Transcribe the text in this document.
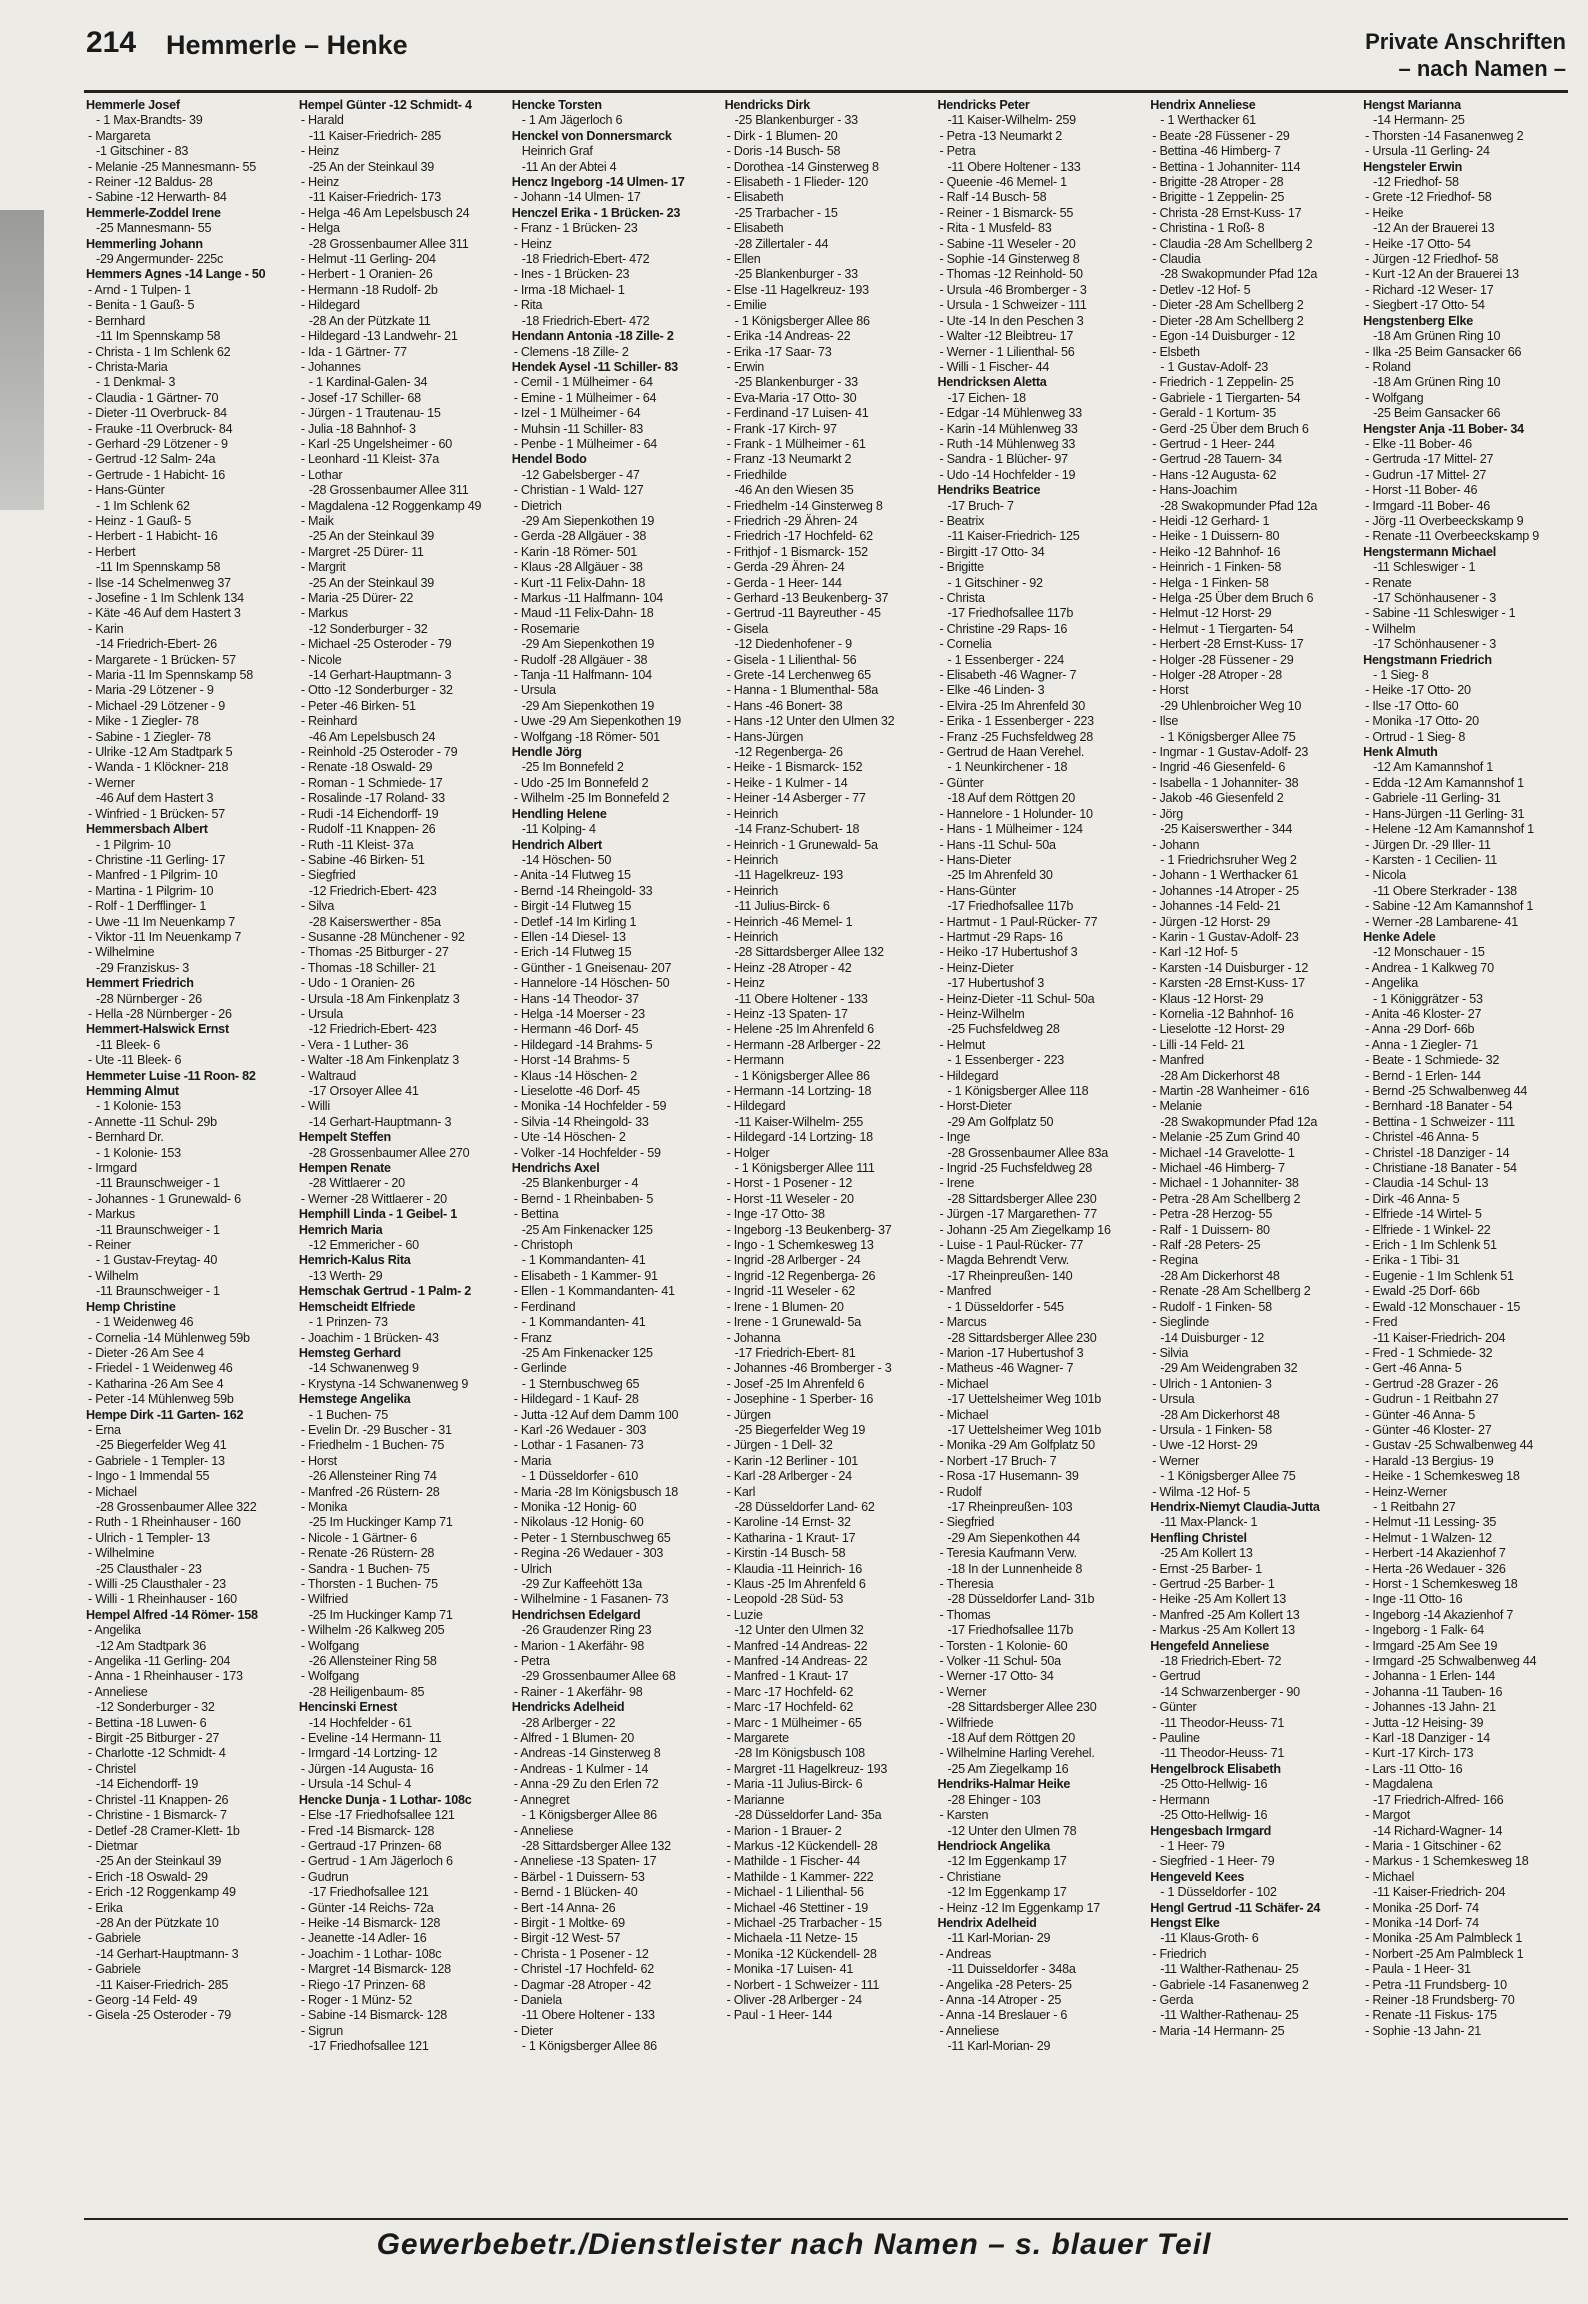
214 Hemmerle – Henke	Private Anschriften
– nach Namen –
Hemmerle Josef
- 1 Max-Brandts- 39
- Margareta
-1 Gitschiner - 83
- Melanie -25 Mannesmann- 55
- Reiner -12 Baldus- 28
- Sabine -12 Herwarth- 84
Hemmerle-Zoddel Irene
-25 Mannesmann- 55
Hemmerling Johann
-29 Angermunder- 225c
Hemmers Agnes -14 Lange - 50
- Arnd - 1 Tulpen- 1
- Benita - 1 Gauß- 5
- Bernhard
-11 Im Spennskamp 58
- Christa - 1 Im Schlenk 62
- Christa-Maria
- 1 Denkmal- 3
- Claudia - 1 Gärtner- 70
- Dieter -11 Overbruck- 84
- Frauke -11 Overbruck- 84
- Gerhard -29 Lötzener - 9
- Gertrud -12 Salm- 24a
- Gertrude - 1 Habicht- 16
- Hans-Günter
- 1 Im Schlenk 62
- Heinz - 1 Gauß- 5
- Herbert - 1 Habicht- 16
- Herbert
-11 Im Spennskamp 58
- Ilse -14 Schelmenweg 37
- Josefine - 1 Im Schlenk 134
- Käte -46 Auf dem Hastert 3
- Karin
-14 Friedrich-Ebert- 26
- Margarete - 1 Brücken- 57
- Maria -11 Im Spennskamp 58
- Maria -29 Lötzener - 9
- Michael -29 Lötzener - 9
- Mike - 1 Ziegler- 78
- Sabine - 1 Ziegler- 78
- Ulrike -12 Am Stadtpark 5
- Wanda - 1 Klöckner- 218
- Werner
-46 Auf dem Hastert 3
- Winfried - 1 Brücken- 57
Hemmersbach Albert
- 1 Pilgrim- 10
- Christine -11 Gerling- 17
- Manfred - 1 Pilgrim- 10
- Martina - 1 Pilgrim- 10
- Rolf - 1 Derfflinger- 1
- Uwe -11 Im Neuenkamp 7
- Viktor -11 Im Neuenkamp 7
- Wilhelmine
-29 Franziskus- 3
Hemmert Friedrich
-28 Nürnberger - 26
- Hella -28 Nürnberger - 26
Hemmert-Halswick Ernst
-11 Bleek- 6
- Ute -11 Bleek- 6
Hemmeter Luise -11 Roon- 82
Hemming Almut
- 1 Kolonie- 153
- Annette -11 Schul- 29b
- Bernhard Dr.
- 1 Kolonie- 153
- Irmgard
-11 Braunschweiger - 1
- Johannes - 1 Grunewald- 6
- Markus
-11 Braunschweiger - 1
- Reiner
- 1 Gustav-Freytag- 40
- Wilhelm
-11 Braunschweiger - 1
Hemp Christine
- 1 Weidenweg 46
- Cornelia -14 Mühlenweg 59b
- Dieter -26 Am See 4
- Friedel - 1 Weidenweg 46
- Katharina -26 Am See 4
- Peter -14 Mühlenweg 59b
Hempe Dirk -11 Garten- 162
- Erna
-25 Biegerfelder Weg 41
- Gabriele - 1 Templer- 13
- Ingo - 1 Immendal 55
- Michael
-28 Grossenbaumer Allee 322
- Ruth - 1 Rheinhauser - 160
- Ulrich - 1 Templer- 13
- Wilhelmine
-25 Clausthaler - 23
- Willi -25 Clausthaler - 23
- Willi - 1 Rheinhauser - 160
Hempel Alfred -14 Römer- 158
- Angelika
-12 Am Stadtpark 36
- Angelika -11 Gerling- 204
- Anna - 1 Rheinhauser - 173
- Anneliese
-12 Sonderburger - 32
- Bettina -18 Luwen- 6
- Birgit -25 Bitburger - 27
- Charlotte -12 Schmidt- 4
- Christel
-14 Eichendorff- 19
- Christel -11 Knappen- 26
- Christine - 1 Bismarck- 7
- Detlef -28 Cramer-Klett- 1b
- Dietmar
-25 An der Steinkaul 39
- Erich -18 Oswald- 29
- Erich -12 Roggenkamp 49
- Erika
-28 An der Pützkate 10
- Gabriele
-14 Gerhart-Hauptmann- 3
- Gabriele
-11 Kaiser-Friedrich- 285
- Georg -14 Feld- 49
- Gisela -25 Osteroder - 79
Hempel Günter -12 Schmidt- 4
- Harald
-11 Kaiser-Friedrich- 285
- Heinz
-25 An der Steinkaul 39
- Heinz
-11 Kaiser-Friedrich- 173
- Helga -46 Am Lepelsbusch 24
- Helga
-28 Grossenbaumer Allee 311
- Helmut -11 Gerling- 204
- Herbert - 1 Oranien- 26
- Hermann -18 Rudolf- 2b
- Hildegard
-28 An der Pützkate 11
- Hildegard -13 Landwehr- 21
- Ida - 1 Gärtner- 77
- Johannes
- 1 Kardinal-Galen- 34
- Josef -17 Schiller- 68
- Jürgen - 1 Trautenau- 15
- Julia -18 Bahnhof- 3
- Karl -25 Ungelsheimer - 60
- Leonhard -11 Kleist- 37a
- Lothar
-28 Grossenbaumer Allee 311
- Magdalena -12 Roggenkamp 49
- Maik
-25 An der Steinkaul 39
- Margret -25 Dürer- 11
- Margrit
-25 An der Steinkaul 39
- Maria -25 Dürer- 22
- Markus
-12 Sonderburger - 32
- Michael -25 Osteroder - 79
- Nicole
-14 Gerhart-Hauptmann- 3
- Otto -12 Sonderburger - 32
- Peter -46 Birken- 51
- Reinhard
-46 Am Lepelsbusch 24
- Reinhold -25 Osteroder - 79
- Renate -18 Oswald- 29
- Roman - 1 Schmiede- 17
- Rosalinde -17 Roland- 33
- Rudi -14 Eichendorff- 19
- Rudolf -11 Knappen- 26
- Ruth -11 Kleist- 37a
- Sabine -46 Birken- 51
- Siegfried
-12 Friedrich-Ebert- 423
- Silva
-28 Kaiserswerther - 85a
- Susanne -28 Münchener - 92
- Thomas -25 Bitburger - 27
- Thomas -18 Schiller- 21
- Udo - 1 Oranien- 26
- Ursula -18 Am Finkenplatz 3
- Ursula
-12 Friedrich-Ebert- 423
- Vera - 1 Luther- 36
- Walter -18 Am Finkenplatz 3
- Waltraud
-17 Orsoyer Allee 41
- Willi
-14 Gerhart-Hauptmann- 3
Hempelt Steffen
-28 Grossenbaumer Allee 270
Hempen Renate
-28 Wittlaerer - 20
- Werner -28 Wittlaerer - 20
Hemphill Linda - 1 Geibel- 1
Hemrich Maria
-12 Emmericher - 60
Hemrich-Kalus Rita
-13 Werth- 29
Hemschak Gertrud - 1 Palm- 2
Hemscheidt Elfriede
- 1 Prinzen- 73
- Joachim - 1 Brücken- 43
Hemsteg Gerhard
-14 Schwanenweg 9
- Krystyna -14 Schwanenweg 9
Hemstege Angelika
- 1 Buchen- 75
- Evelin Dr. -29 Buscher - 31
- Friedhelm - 1 Buchen- 75
- Horst
-26 Allensteiner Ring 74
- Manfred -26 Rüstern- 28
- Monika
-25 Im Huckinger Kamp 71
- Nicole - 1 Gärtner- 6
- Renate -26 Rüstern- 28
- Sandra - 1 Buchen- 75
- Thorsten - 1 Buchen- 75
- Wilfried
-25 Im Huckinger Kamp 71
- Wilhelm -26 Kalkweg 205
- Wolfgang
-26 Allensteiner Ring 58
- Wolfgang
-28 Heiligenbaum- 85
Hencinski Ernest
-14 Hochfelder - 61
- Eveline -14 Hermann- 11
- Irmgard -14 Lortzing- 12
- Jürgen -14 Augusta- 16
- Ursula -14 Schul- 4
Hencke Dunja - 1 Lothar- 108c
- Else -17 Friedhofsallee 121
- Fred -14 Bismarck- 128
- Gertraud -17 Prinzen- 68
- Gertrud - 1 Am Jägerloch 6
- Gudrun
-17 Friedhofsallee 121
- Günter -14 Reichs- 72a
- Heike -14 Bismarck- 128
- Jeanette -14 Adler- 16
- Joachim - 1 Lothar- 108c
- Margret -14 Bismarck- 128
- Riego -17 Prinzen- 68
- Roger - 1 Münz- 52
- Sabine -14 Bismarck- 128
- Sigrun
-17 Friedhofsallee 121
Hencke Torsten
- 1 Am Jägerloch 6
Henckel von Donnersmarck
Heinrich Graf
-11 An der Abtei 4
Hencz Ingeborg -14 Ulmen- 17
- Johann -14 Ulmen- 17
Henczel Erika - 1 Brücken- 23
- Franz - 1 Brücken- 23
- Heinz
-18 Friedrich-Ebert- 472
- Ines - 1 Brücken- 23
- Irma -18 Michael- 1
- Rita
-18 Friedrich-Ebert- 472
Hendann Antonia -18 Zille- 2
- Clemens -18 Zille- 2
Hendek Aysel -11 Schiller- 83
- Cemil - 1 Mülheimer - 64
- Emine - 1 Mülheimer - 64
- Izel - 1 Mülheimer - 64
- Muhsin -11 Schiller- 83
- Penbe - 1 Mülheimer - 64
Hendel Bodo
-12 Gabelsberger - 47
- Christian - 1 Wald- 127
- Dietrich
-29 Am Siepenkothen 19
- Gerda -28 Allgäuer - 38
- Karin -18 Römer- 501
- Klaus -28 Allgäuer - 38
- Kurt -11 Felix-Dahn- 18
- Markus -11 Halfmann- 104
- Maud -11 Felix-Dahn- 18
- Rosemarie
-29 Am Siepenkothen 19
- Rudolf -28 Allgäuer - 38
- Tanja -11 Halfmann- 104
- Ursula
-29 Am Siepenkothen 19
- Uwe -29 Am Siepenkothen 19
- Wolfgang -18 Römer- 501
Hendle Jörg
-25 Im Bonnefeld 2
- Udo -25 Im Bonnefeld 2
- Wilhelm -25 Im Bonnefeld 2
Hendling Helene
-11 Kolping- 4
Hendrich Albert
-14 Höschen- 50
- Anita -14 Flutweg 15
- Bernd -14 Rheingold- 33
- Birgit -14 Flutweg 15
- Detlef -14 Im Kirling 1
- Ellen -14 Diesel- 13
- Erich -14 Flutweg 15
- Günther - 1 Gneisenau- 207
- Hannelore -14 Höschen- 50
- Hans -14 Theodor- 37
- Helga -14 Moerser - 23
- Hermann -46 Dorf- 45
- Hildegard -14 Brahms- 5
- Horst -14 Brahms- 5
- Klaus -14 Höschen- 2
- Lieselotte -46 Dorf- 45
- Monika -14 Hochfelder - 59
- Silvia -14 Rheingold- 33
- Ute -14 Höschen- 2
- Volker -14 Hochfelder - 59
Hendrichs Axel
-25 Blankenburger - 4
- Bernd - 1 Rheinbaben- 5
- Bettina
-25 Am Finkenacker 125
- Christoph
- 1 Kommandanten- 41
- Elisabeth - 1 Kammer- 91
- Ellen - 1 Kommandanten- 41
- Ferdinand
- 1 Kommandanten- 41
- Franz
-25 Am Finkenacker 125
- Gerlinde
- 1 Sternbuschweg 65
- Hildegard - 1 Kauf- 28
- Jutta -12 Auf dem Damm 100
- Karl -26 Wedauer - 303
- Lothar - 1 Fasanen- 73
- Maria
- 1 Düsseldorfer - 610
- Maria -28 Im Königsbusch 18
- Monika -12 Honig- 60
- Nikolaus -12 Honig- 60
- Peter - 1 Sternbuschweg 65
- Regina -26 Wedauer - 303
- Ulrich
-29 Zur Kaffeehött 13a
- Wilhelmine - 1 Fasanen- 73
Hendrichsen Edelgard
-26 Graudenzer Ring 23
- Marion - 1 Akerfähr- 98
- Petra
-29 Grossenbaumer Allee 68
- Rainer - 1 Akerfähr- 98
Hendricks Adelheid
-28 Arlberger - 22
- Alfred - 1 Blumen- 20
- Andreas -14 Ginsterweg 8
- Andreas - 1 Kulmer - 14
- Anna -29 Zu den Erlen 72
- Annegret
- 1 Königsberger Allee 86
- Anneliese
-28 Sittardsberger Allee 132
- Anneliese -13 Spaten- 17
- Bärbel - 1 Duissern- 53
- Bernd - 1 Blücken- 40
- Bert -14 Anna- 26
- Birgit - 1 Moltke- 69
- Birgit -12 West- 57
- Christa - 1 Posener - 12
- Christel -17 Hochfeld- 62
- Dagmar -28 Atroper - 42
- Daniela
-11 Obere Holtener - 133
- Dieter
- 1 Königsberger Allee 86
Hendricks Dirk
-25 Blankenburger - 33
- Dirk - 1 Blumen- 20
- Doris -14 Busch- 58
- Dorothea -14 Ginsterweg 8
- Elisabeth - 1 Flieder- 120
- Elisabeth
-25 Trarbacher - 15
- Elisabeth
-28 Zillertaler - 44
- Ellen
-25 Blankenburger - 33
- Else -11 Hagelkreuz- 193
- Emilie
- 1 Königsberger Allee 86
- Erika -14 Andreas- 22
- Erika -17 Saar- 73
- Erwin
-25 Blankenburger - 33
- Eva-Maria -17 Otto- 30
- Ferdinand -17 Luisen- 41
- Frank -17 Kirch- 97
- Frank - 1 Mülheimer - 61
- Franz -13 Neumarkt 2
- Friedhilde
-46 An den Wiesen 35
- Friedhelm -14 Ginsterweg 8
- Friedrich -29 Ähren- 24
- Friedrich -17 Hochfeld- 62
- Frithjof - 1 Bismarck- 152
- Gerda -29 Ähren- 24
- Gerda - 1 Heer- 144
- Gerhard -13 Beukenberg- 37
- Gertrud -11 Bayreuther - 45
- Gisela
-12 Diedenhofener - 9
- Gisela - 1 Lilienthal- 56
- Grete -14 Lerchenweg 65
- Hanna - 1 Blumenthal- 58a
- Hans -46 Bonert- 38
- Hans -12 Unter den Ulmen 32
- Hans-Jürgen
-12 Regenberga- 26
- Heike - 1 Bismarck- 152
- Heike - 1 Kulmer - 14
- Heiner -14 Asberger - 77
- Heinrich
-14 Franz-Schubert- 18
- Heinrich - 1 Grunewald- 5a
- Heinrich
-11 Hagelkreuz- 193
- Heinrich
-11 Julius-Birck- 6
- Heinrich -46 Memel- 1
- Heinrich
-28 Sittardsberger Allee 132
- Heinz -28 Atroper - 42
- Heinz
-11 Obere Holtener - 133
- Heinz -13 Spaten- 17
- Helene -25 Im Ahrenfeld 6
- Hermann -28 Arlberger - 22
- Hermann
- 1 Königsberger Allee 86
- Hermann -14 Lortzing- 18
- Hildegard
-11 Kaiser-Wilhelm- 255
- Hildegard -14 Lortzing- 18
- Holger
- 1 Königsberger Allee 111
- Horst - 1 Posener - 12
- Horst -11 Weseler - 20
- Inge -17 Otto- 38
- Ingeborg -13 Beukenberg- 37
- Ingo - 1 Schemkesweg 13
- Ingrid -28 Arlberger - 24
- Ingrid -12 Regenberga- 26
- Ingrid -11 Weseler - 62
- Irene - 1 Blumen- 20
- Irene - 1 Grunewald- 5a
- Johanna
-17 Friedrich-Ebert- 81
- Johannes -46 Bromberger - 3
- Josef -25 Im Ahrenfeld 6
- Josephine - 1 Sperber- 16
- Jürgen
-25 Biegerfelder Weg 19
- Jürgen - 1 Dell- 32
- Karin -12 Berliner - 101
- Karl -28 Arlberger - 24
- Karl
-28 Düsseldorfer Land- 62
- Karoline -14 Ernst- 32
- Katharina - 1 Kraut- 17
- Kirstin -14 Busch- 58
- Klaudia -11 Heinrich- 16
- Klaus -25 Im Ahrenfeld 6
- Leopold -28 Süd- 53
- Luzie
-12 Unter den Ulmen 32
- Manfred -14 Andreas- 22
- Manfred -14 Andreas- 22
- Manfred - 1 Kraut- 17
- Marc -17 Hochfeld- 62
- Marc -17 Hochfeld- 62
- Marc - 1 Mülheimer - 65
- Margarete
-28 Im Königsbusch 108
- Margret -11 Hagelkreuz- 193
- Maria -11 Julius-Birck- 6
- Marianne
-28 Düsseldorfer Land- 35a
- Marion - 1 Brauer- 2
- Markus -12 Kückendell- 28
- Mathilde - 1 Fischer- 44
- Mathilde - 1 Kammer- 222
- Michael - 1 Lilienthal- 56
- Michael -46 Stettiner - 19
- Michael -25 Trarbacher - 15
- Michaela -11 Netze- 15
- Monika -12 Kückendell- 28
- Monika -17 Luisen- 41
- Norbert - 1 Schweizer - 111
- Oliver -28 Arlberger - 24
- Paul - 1 Heer- 144
Hendricks Peter
-11 Kaiser-Wilhelm- 259
- Petra -13 Neumarkt 2
- Petra
-11 Obere Holtener - 133
- Queenie -46 Memel- 1
- Ralf -14 Busch- 58
- Reiner - 1 Bismarck- 55
- Rita - 1 Musfeld- 83
- Sabine -11 Weseler - 20
- Sophie -14 Ginsterweg 8
- Thomas -12 Reinhold- 50
- Ursula -46 Bromberger - 3
- Ursula - 1 Schweizer - 111
- Ute -14 In den Peschen 3
- Walter -12 Bleibtreu- 17
- Werner - 1 Lilienthal- 56
- Willi - 1 Fischer- 44
Hendricksen Aletta
-17 Eichen- 18
- Edgar -14 Mühlenweg 33
- Karin -14 Mühlenweg 33
- Ruth -14 Mühlenweg 33
- Sandra - 1 Blücher- 97
- Udo -14 Hochfelder - 19
Hendriks Beatrice
-17 Bruch- 7
- Beatrix
-11 Kaiser-Friedrich- 125
- Birgitt -17 Otto- 34
- Brigitte
- 1 Gitschiner - 92
- Christa
-17 Friedhofsallee 117b
- Christine -29 Raps- 16
- Cornelia
- 1 Essenberger - 224
- Elisabeth -46 Wagner- 7
- Elke -46 Linden- 3
- Elvira -25 Im Ahrenfeld 30
- Erika - 1 Essenberger - 223
- Franz -25 Fuchsfeldweg 28
- Gertrud de Haan Verehel.
- 1 Neunkirchener - 18
- Günter
-18 Auf dem Röttgen 20
- Hannelore - 1 Holunder- 10
- Hans - 1 Mülheimer - 124
- Hans -11 Schul- 50a
- Hans-Dieter
-25 Im Ahrenfeld 30
- Hans-Günter
-17 Friedhofsallee 117b
- Hartmut - 1 Paul-Rücker- 77
- Hartmut -29 Raps- 16
- Heiko -17 Hubertushof 3
- Heinz-Dieter
-17 Hubertushof 3
- Heinz-Dieter -11 Schul- 50a
- Heinz-Wilhelm
-25 Fuchsfeldweg 28
- Helmut
- 1 Essenberger - 223
- Hildegard
- 1 Königsberger Allee 118
- Horst-Dieter
-29 Am Golfplatz 50
- Inge
-28 Grossenbaumer Allee 83a
- Ingrid -25 Fuchsfeldweg 28
- Irene
-28 Sittardsberger Allee 230
- Jürgen -17 Margarethen- 77
- Johann -25 Am Ziegelkamp 16
- Luise - 1 Paul-Rücker- 77
- Magda Behrendt Verw.
-17 Rheinpreußen- 140
- Manfred
- 1 Düsseldorfer - 545
- Marcus
-28 Sittardsberger Allee 230
- Marion -17 Hubertushof 3
- Matheus -46 Wagner- 7
- Michael
-17 Uettelsheimer Weg 101b
- Michael
-17 Uettelsheimer Weg 101b
- Monika -29 Am Golfplatz 50
- Norbert -17 Bruch- 7
- Rosa -17 Husemann- 39
- Rudolf
-17 Rheinpreußen- 103
- Siegfried
-29 Am Siepenkothen 44
- Teresia Kaufmann Verw.
-18 In der Lunnenheide 8
- Theresia
-28 Düsseldorfer Land- 31b
- Thomas
-17 Friedhofsallee 117b
- Torsten - 1 Kolonie- 60
- Volker -11 Schul- 50a
- Werner -17 Otto- 34
- Werner
-28 Sittardsberger Allee 230
- Wilfriede
-18 Auf dem Röttgen 20
- Wilhelmine Harling Verehel.
-25 Am Ziegelkamp 16
Hendriks-Halmar Heike
-28 Ehinger - 103
- Karsten
-12 Unter den Ulmen 78
Hendriock Angelika
-12 Im Eggenkamp 17
- Christiane
-12 Im Eggenkamp 17
- Heinz -12 Im Eggenkamp 17
Hendrix Adelheid
-11 Karl-Morian- 29
- Andreas
-11 Duisseldorfer - 348a
- Angelika -28 Peters- 25
- Anna -14 Atroper - 25
- Anna -14 Breslauer - 6
- Anneliese
-11 Karl-Morian- 29
Hendrix Anneliese
- 1 Werthacker 61
- Beate -28 Füssener - 29
- Bettina -46 Himberg- 7
- Bettina - 1 Johanniter- 114
- Brigitte -28 Atroper - 28
- Brigitte - 1 Zeppelin- 25
- Christa -28 Ernst-Kuss- 17
- Christina - 1 Roß- 8
- Claudia -28 Am Schellberg 2
- Claudia
-28 Swakopmunder Pfad 12a
- Detlev -12 Hof- 5
- Dieter -28 Am Schellberg 2
- Dieter -28 Am Schellberg 2
- Egon -14 Duisburger - 12
- Elsbeth
- 1 Gustav-Adolf- 23
- Friedrich - 1 Zeppelin- 25
- Gabriele - 1 Tiergarten- 54
- Gerald - 1 Kortum- 35
- Gerd -25 Über dem Bruch 6
- Gertrud - 1 Heer- 244
- Gertrud -28 Tauern- 34
- Hans -12 Augusta- 62
- Hans-Joachim
-28 Swakopmunder Pfad 12a
- Heidi -12 Gerhard- 1
- Heike - 1 Duissern- 80
- Heiko -12 Bahnhof- 16
- Heinrich - 1 Finken- 58
- Helga - 1 Finken- 58
- Helga -25 Über dem Bruch 6
- Helmut -12 Horst- 29
- Helmut - 1 Tiergarten- 54
- Herbert -28 Ernst-Kuss- 17
- Holger -28 Füssener - 29
- Holger -28 Atroper - 28
- Horst
-29 Uhlenbroicher Weg 10
- Ilse
- 1 Königsberger Allee 75
- Ingmar - 1 Gustav-Adolf- 23
- Ingrid -46 Giesenfeld- 6
- Isabella - 1 Johanniter- 38
- Jakob -46 Giesenfeld 2
- Jörg
-25 Kaiserswerther - 344
- Johann
- 1 Friedrichsruher Weg 2
- Johann - 1 Werthacker 61
- Johannes -14 Atroper - 25
- Johannes -14 Feld- 21
- Jürgen -12 Horst- 29
- Karin - 1 Gustav-Adolf- 23
- Karl -12 Hof- 5
- Karsten -14 Duisburger - 12
- Karsten -28 Ernst-Kuss- 17
- Klaus -12 Horst- 29
- Kornelia -12 Bahnhof- 16
- Lieselotte -12 Horst- 29
- Lilli -14 Feld- 21
- Manfred
-28 Am Dickerhorst 48
- Martin -28 Wanheimer - 616
- Melanie
-28 Swakopmunder Pfad 12a
- Melanie -25 Zum Grind 40
- Michael -14 Gravelotte- 1
- Michael -46 Himberg- 7
- Michael - 1 Johanniter- 38
- Petra -28 Am Schellberg 2
- Petra -28 Herzog- 55
- Ralf - 1 Duissern- 80
- Ralf -28 Peters- 25
- Regina
-28 Am Dickerhorst 48
- Renate -28 Am Schellberg 2
- Rudolf - 1 Finken- 58
- Sieglinde
-14 Duisburger - 12
- Silvia
-29 Am Weidengraben 32
- Ulrich - 1 Antonien- 3
- Ursula
-28 Am Dickerhorst 48
- Ursula - 1 Finken- 58
- Uwe -12 Horst- 29
- Werner
- 1 Königsberger Allee 75
- Wilma -12 Hof- 5
Hendrix-Niemyt Claudia-Jutta
-11 Max-Planck- 1
Henfling Christel
-25 Am Kollert 13
- Ernst -25 Barber- 1
- Gertrud -25 Barber- 1
- Heike -25 Am Kollert 13
- Manfred -25 Am Kollert 13
- Markus -25 Am Kollert 13
Hengefeld Anneliese
-18 Friedrich-Ebert- 72
- Gertrud
-14 Schwarzenberger - 90
- Günter
-11 Theodor-Heuss- 71
- Pauline
-11 Theodor-Heuss- 71
Hengelbrock Elisabeth
-25 Otto-Hellwig- 16
- Hermann
-25 Otto-Hellwig- 16
Hengesbach Irmgard
- 1 Heer- 79
- Siegfried - 1 Heer- 79
Hengeveld Kees
- 1 Düsseldorfer - 102
Hengl Gertrud -11 Schäfer- 24
Hengst Elke
-11 Klaus-Groth- 6
- Friedrich
-11 Walther-Rathenau- 25
- Gabriele -14 Fasanenweg 2
- Gerda
-11 Walther-Rathenau- 25
- Maria -14 Hermann- 25
Hengst Marianna
-14 Hermann- 25
- Thorsten -14 Fasanenweg 2
- Ursula -11 Gerling- 24
Hengsteler Erwin
-12 Friedhof- 58
- Grete -12 Friedhof- 58
- Heike
-12 An der Brauerei 13
- Heike -17 Otto- 54
- Jürgen -12 Friedhof- 58
- Kurt -12 An der Brauerei 13
- Richard -12 Weser- 17
- Siegbert -17 Otto- 54
Hengstenberg Elke
-18 Am Grünen Ring 10
- Ilka -25 Beim Gansacker 66
- Roland
-18 Am Grünen Ring 10
- Wolfgang
-25 Beim Gansacker 66
Hengster Anja -11 Bober- 34
- Elke -11 Bober- 46
- Gertruda -17 Mittel- 27
- Gudrun -17 Mittel- 27
- Horst -11 Bober- 46
- Irmgard -11 Bober- 46
- Jörg -11 Overbeeckskamp 9
- Renate -11 Overbeeckskamp 9
Hengstermann Michael
-11 Schleswiger - 1
- Renate
-17 Schönhausener - 3
- Sabine -11 Schleswiger - 1
- Wilhelm
-17 Schönhausener - 3
Hengstmann Friedrich
- 1 Sieg- 8
- Heike -17 Otto- 20
- Ilse -17 Otto- 60
- Monika -17 Otto- 20
- Ortrud - 1 Sieg- 8
Henk Almuth
-12 Am Kamannshof 1
- Edda -12 Am Kamannshof 1
- Gabriele -11 Gerling- 31
- Hans-Jürgen -11 Gerling- 31
- Helene -12 Am Kamannshof 1
- Jürgen Dr. -29 Iller- 11
- Karsten - 1 Cecilien- 11
- Nicola
-11 Obere Sterkrader - 138
- Sabine -12 Am Kamannshof 1
- Werner -28 Lambarene- 41
Henke Adele
-12 Monschauer - 15
- Andrea - 1 Kalkweg 70
- Angelika
- 1 Königgrätzer - 53
- Anita -46 Kloster- 27
- Anna -29 Dorf- 66b
- Anna - 1 Ziegler- 71
- Beate - 1 Schmiede- 32
- Bernd - 1 Erlen- 144
- Bernd -25 Schwalbenweg 44
- Bernhard -18 Banater - 54
- Bettina - 1 Schweizer - 111
- Christel -46 Anna- 5
- Christel -18 Danziger - 14
- Christiane -18 Banater - 54
- Claudia -14 Schul- 13
- Dirk -46 Anna- 5
- Elfriede -14 Wirtel- 5
- Elfriede - 1 Winkel- 22
- Erich - 1 Im Schlenk 51
- Erika - 1 Tibi- 31
- Eugenie - 1 Im Schlenk 51
- Ewald -25 Dorf- 66b
- Ewald -12 Monschauer - 15
- Fred
-11 Kaiser-Friedrich- 204
- Fred - 1 Schmiede- 32
- Gert -46 Anna- 5
- Gertrud -28 Grazer - 26
- Gudrun - 1 Reitbahn 27
- Günter -46 Anna- 5
- Günter -46 Kloster- 27
- Gustav -25 Schwalbenweg 44
- Harald -13 Bergius- 19
- Heike - 1 Schemkesweg 18
- Heinz-Werner
- 1 Reitbahn 27
- Helmut -11 Lessing- 35
- Helmut - 1 Walzen- 12
- Herbert -14 Akazienhof 7
- Herta -26 Wedauer - 326
- Horst - 1 Schemkesweg 18
- Inge -11 Otto- 16
- Ingeborg -14 Akazienhof 7
- Ingeborg - 1 Falk- 64
- Irmgard -25 Am See 19
- Irmgard -25 Schwalbenweg 44
- Johanna - 1 Erlen- 144
- Johanna -11 Tauben- 16
- Johannes -13 Jahn- 21
- Jutta -12 Heising- 39
- Karl -18 Danziger - 14
- Kurt -17 Kirch- 173
- Lars -11 Otto- 16
- Magdalena
-17 Friedrich-Alfred- 166
- Margot
-14 Richard-Wagner- 14
- Maria - 1 Gitschiner - 62
- Markus - 1 Schemkesweg 18
- Michael
-11 Kaiser-Friedrich- 204
- Monika -25 Dorf- 74
- Monika -14 Dorf- 74
- Monika -25 Am Palmbleck 1
- Norbert -25 Am Palmbleck 1
- Paula - 1 Heer- 31
- Petra -11 Frundsberg- 10
- Reiner -18 Frundsberg- 70
- Renate -11 Fiskus- 175
- Sophie -13 Jahn- 21
Gewerbebetr./Dienstleister nach Namen – s. blauer Teil
